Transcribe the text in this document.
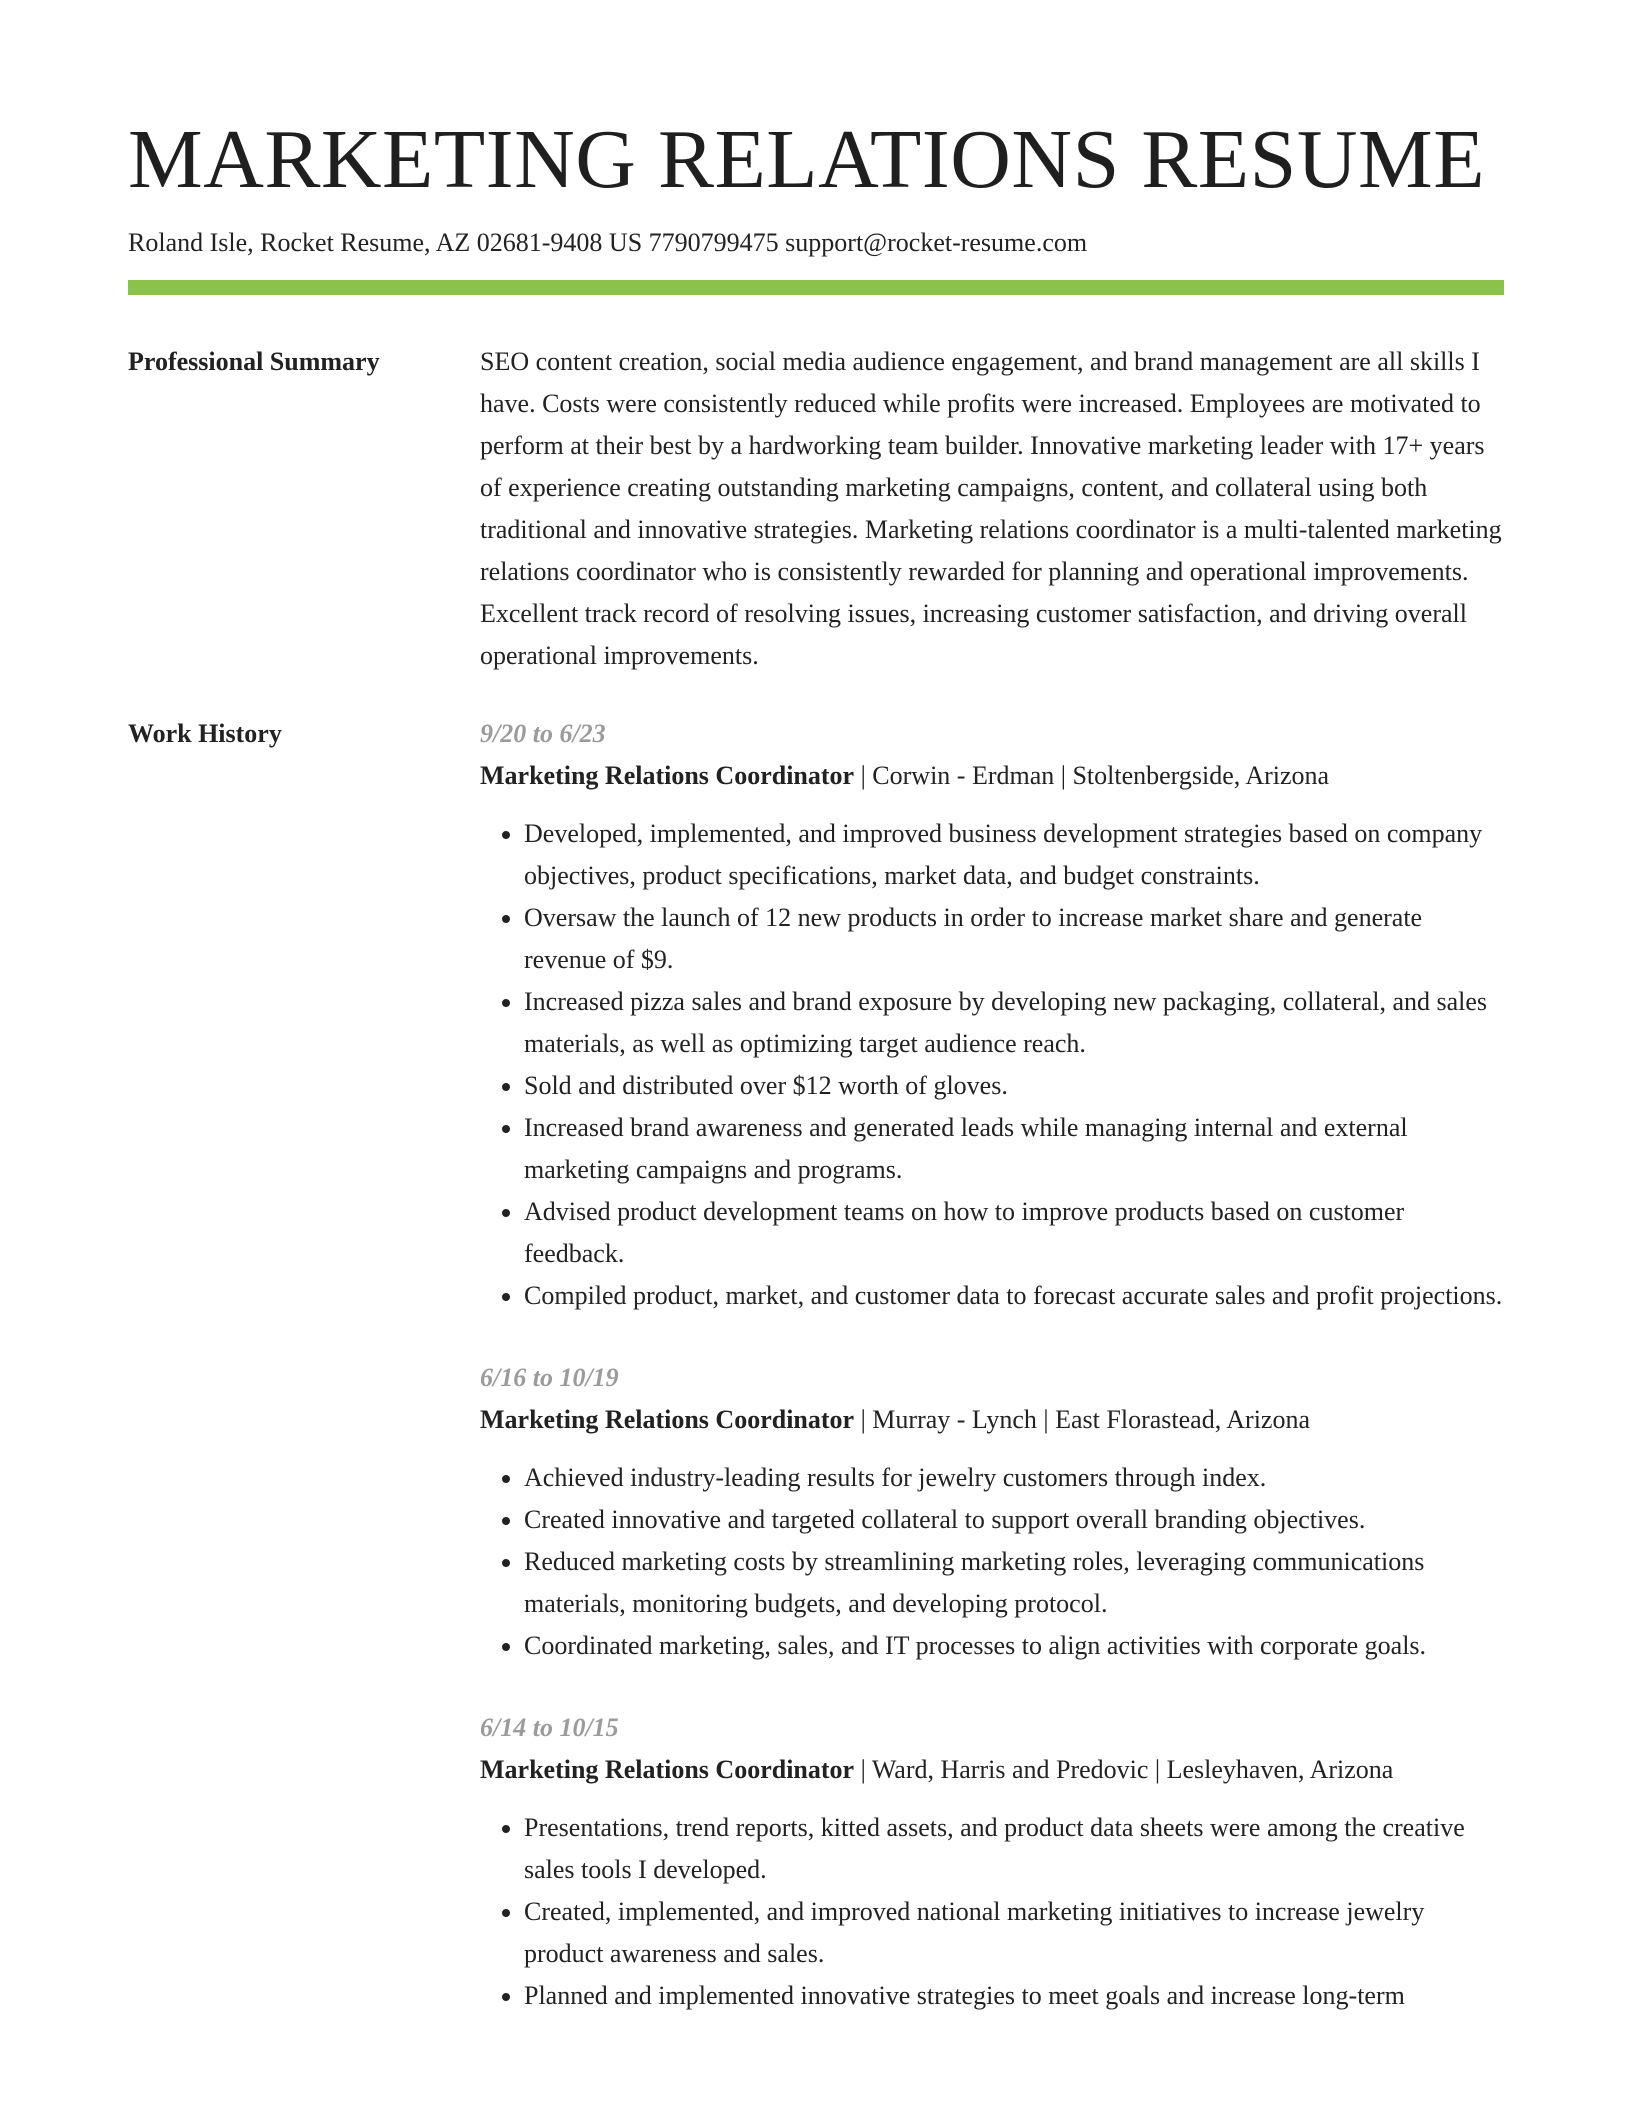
MARKETING RELATIONS RESUME
Roland Isle, Rocket Resume, AZ 02681-9408 US 7790799475 support@rocket-resume.com
Professional Summary	SEO content creation, social media audience engagement, and brand management are all skills I have. Costs were consistently reduced while profits were increased. Employees are motivated to perform at their best by a hardworking team builder. Innovative marketing leader with 17+ years of experience creating outstanding marketing campaigns, content, and collateral using both traditional and innovative strategies. Marketing relations coordinator is a multi-talented marketing relations coordinator who is consistently rewarded for planning and operational improvements. Excellent track record of resolving issues, increasing customer satisfaction, and driving overall operational improvements.

Work History	9/20 to 6/23
Marketing Relations Coordinator | Corwin - Erdman | Stoltenbergside, Arizona
• Developed, implemented, and improved business development strategies based on company objectives, product specifications, market data, and budget constraints.
• Oversaw the launch of 12 new products in order to increase market share and generate revenue of $9.
• Increased pizza sales and brand exposure by developing new packaging, collateral, and sales materials, as well as optimizing target audience reach.
• Sold and distributed over $12 worth of gloves.
• Increased brand awareness and generated leads while managing internal and external marketing campaigns and programs.
• Advised product development teams on how to improve products based on customer feedback.
• Compiled product, market, and customer data to forecast accurate sales and profit projections.
6/16 to 10/19
Marketing Relations Coordinator | Murray - Lynch | East Florastead, Arizona
• Achieved industry-leading results for jewelry customers through index.
• Created innovative and targeted collateral to support overall branding objectives.
• Reduced marketing costs by streamlining marketing roles, leveraging communications materials, monitoring budgets, and developing protocol.
• Coordinated marketing, sales, and IT processes to align activities with corporate goals.
6/14 to 10/15
Marketing Relations Coordinator | Ward, Harris and Predovic | Lesleyhaven, Arizona
• Presentations, trend reports, kitted assets, and product data sheets were among the creative sales tools I developed.
• Created, implemented, and improved national marketing initiatives to increase jewelry product awareness and sales.
• Planned and implemented innovative strategies to meet goals and increase long-term
